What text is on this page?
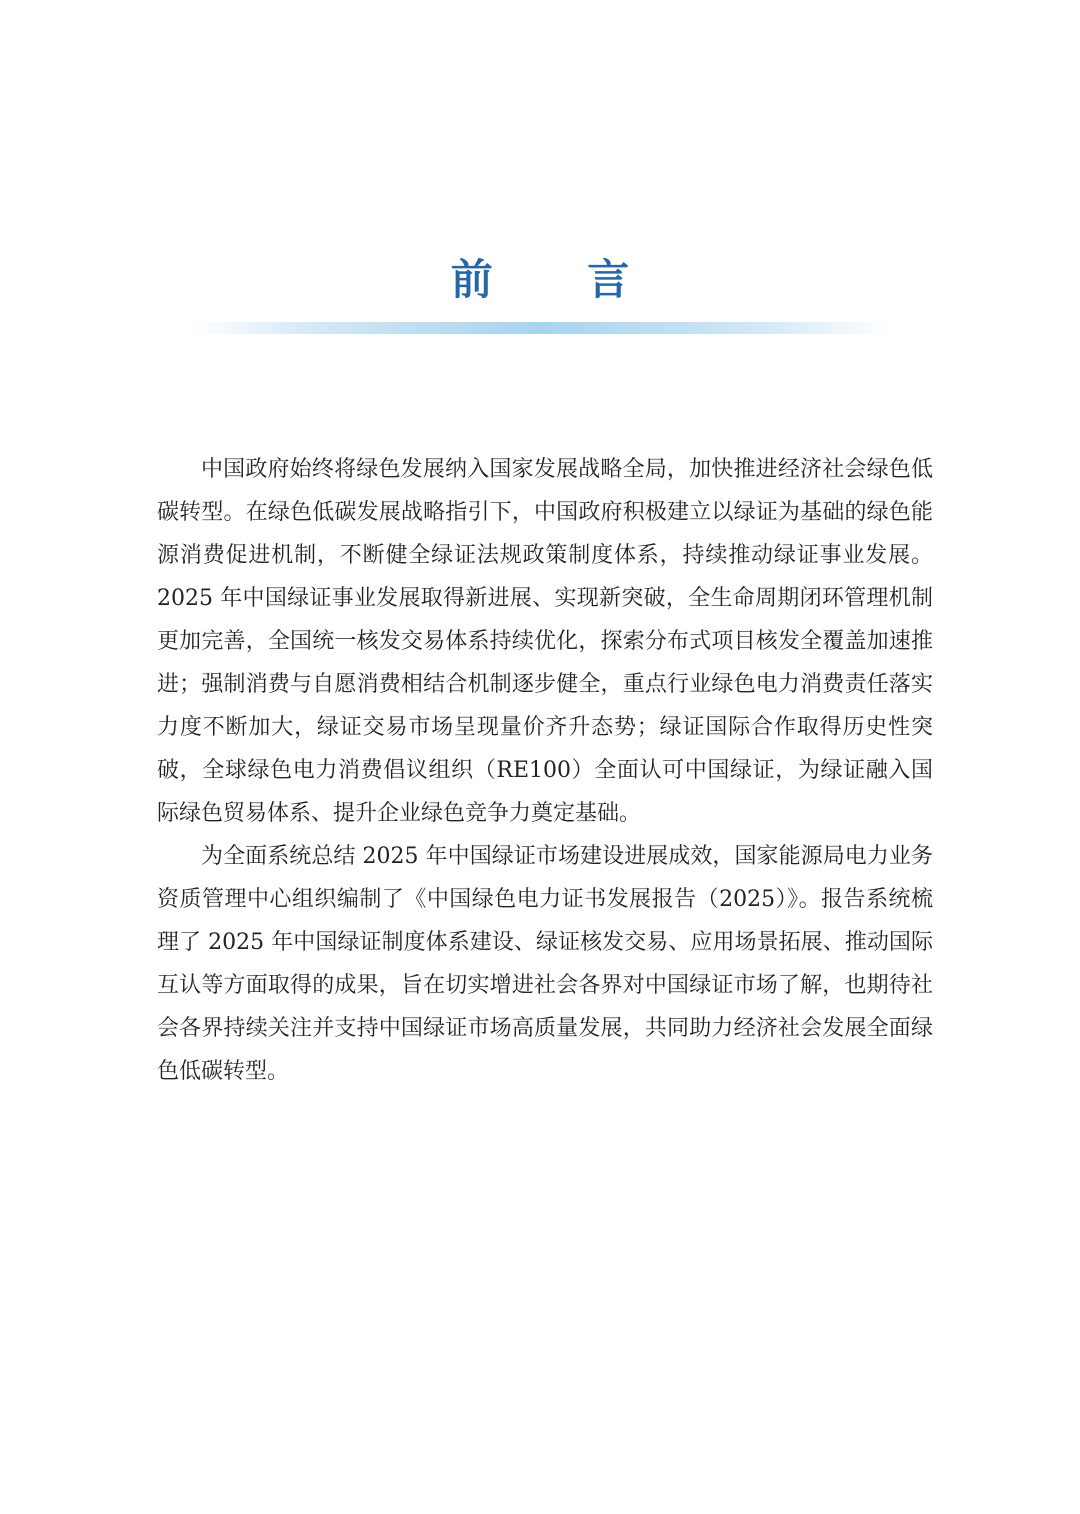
前 言

中国政府始终将绿色发展纳入国家发展战略全局，加快推进经济社会绿色低碳转型。在绿色低碳发展战略指引下，中国政府积极建立以绿证为基础的绿色能源消费促进机制，不断健全绿证法规政策制度体系，持续推动绿证事业发展。2025 年中国绿证事业发展取得新进展、实现新突破，全生命周期闭环管理机制更加完善，全国统一核发交易体系持续优化，探索分布式项目核发全覆盖加速推进；强制消费与自愿消费相结合机制逐步健全，重点行业绿色电力消费责任落实力度不断加大，绿证交易市场呈现量价齐升态势；绿证国际合作取得历史性突破，全球绿色电力消费倡议组织（RE100）全面认可中国绿证，为绿证融入国际绿色贸易体系、提升企业绿色竞争力奠定基础。

为全面系统总结 2025 年中国绿证市场建设进展成效，国家能源局电力业务资质管理中心组织编制了《中国绿色电力证书发展报告（2025）》。报告系统梳理了 2025 年中国绿证制度体系建设、绿证核发交易、应用场景拓展、推动国际互认等方面取得的成果，旨在切实增进社会各界对中国绿证市场了解，也期待社会各界持续关注并支持中国绿证市场高质量发展，共同助力经济社会发展全面绿色低碳转型。
